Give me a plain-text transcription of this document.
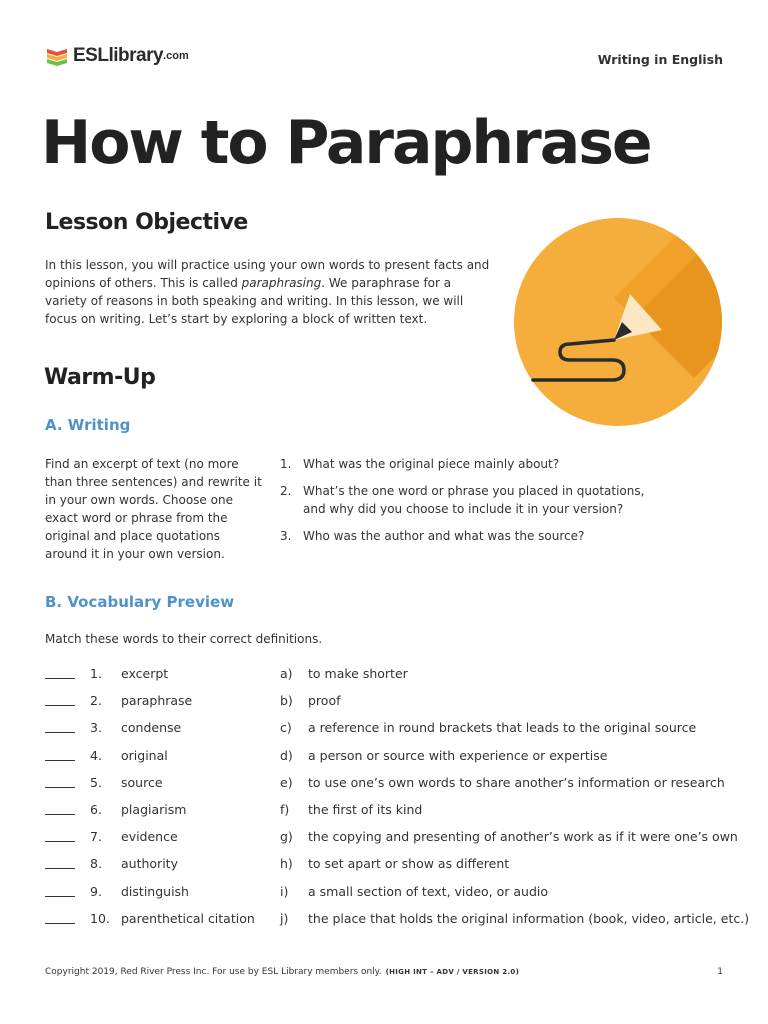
ESLlibrary .com	Writing in English
How to Paraphrase
Lesson Objective

In this lesson, you will practice using your own words to present facts and opinions of others. This is called paraphrasing. We paraphrase for a variety of reasons in both speaking and writing. In this lesson, we will focus on writing. Let’s start by exploring a block of written text.

Warm-Up
A. Writing

Find an excerpt of text (no more than three sentences) and rewrite it in your own words. Choose one exact word or phrase from the original and place quotations around it in your own version.

1. What was the original piece mainly about?
2. What’s the one word or phrase you placed in quotations, and why did you choose to include it in your version?
3. Who was the author and what was the source?
B. Vocabulary Preview

Match these words to their correct definitions.

1. excerpt	a) to make shorter
2. paraphrase	b) proof
3. condense	c) a reference in round brackets that leads to the original source
4. original	d) a person or source with experience or expertise
5. source	e) to use one’s own words to share another’s information or research
6. plagiarism	f) the first of its kind
7. evidence	g) the copying and presenting of another’s work as if it were one’s own
8. authority	h) to set apart or show as different
9. distinguish	i) a small section of text, video, or audio
10. parenthetical citation j) the place that holds the original information (book, video, article, etc.)
Copyright 2019, Red River Press Inc. For use by ESL Library members only. (HIGH INT – ADV / VERSION 2.0)	1
